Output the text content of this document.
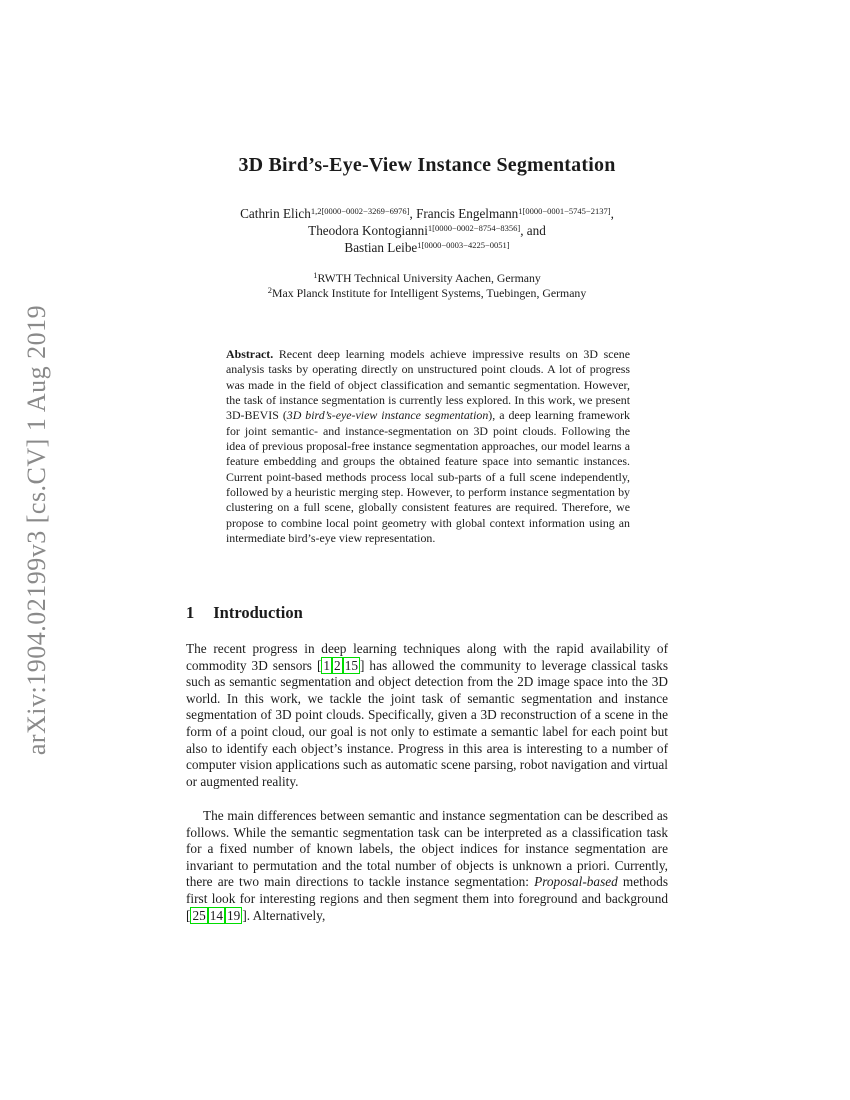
arXiv:1904.02199v3 [cs.CV] 1 Aug 2019
3D Bird’s-Eye-View Instance Segmentation
Cathrin Elich$^{1,2[0000-0002-3269-6976]}$, Francis Engelmann$^{1[0000-0001-5745-2137]}$,
Theodora Kontogianni$^{1[0000-0002-8754-8356]}$, and
Bastian Leibe$^{1[0000-0003-4225-0051]}$
$^1$RWTH Technical University Aachen, Germany
$^2$Max Planck Institute for Intelligent Systems, Tuebingen, Germany
Abstract. Recent deep learning models achieve impressive results on 3D scene analysis tasks by operating directly on unstructured point clouds. A lot of progress was made in the field of object classification and semantic segmentation. However, the task of instance segmentation is currently less explored. In this work, we present 3D-BEVIS (3D bird’s-eye-view instance segmentation), a deep learning framework for joint semantic- and instance-segmentation on 3D point clouds. Following the idea of previous proposal-free instance segmentation approaches, our model learns a feature embedding and groups the obtained feature space into semantic instances. Current point-based methods process local sub-parts of a full scene independently, followed by a heuristic merging step. However, to perform instance segmentation by clustering on a full scene, globally consistent features are required. Therefore, we propose to combine local point geometry with global context information using an intermediate bird’s-eye view representation.
1 Introduction

The recent progress in deep learning techniques along with the rapid availability of commodity 3D sensors [ 1 2 15 ] has allowed the community to leverage classical tasks such as semantic segmentation and object detection from the 2D image space into the 3D world. In this work, we tackle the joint task of semantic segmentation and instance segmentation of 3D point clouds. Specifically, given a 3D reconstruction of a scene in the form of a point cloud, our goal is not only to estimate a semantic label for each point but also to identify each object’s instance. Progress in this area is interesting to a number of computer vision applications such as automatic scene parsing, robot navigation and virtual or augmented reality.

The main differences between semantic and instance segmentation can be described as follows. While the semantic segmentation task can be interpreted as a classification task for a fixed number of known labels, the object indices for instance segmentation are invariant to permutation and the total number of objects is unknown a priori. Currently, there are two main directions to tackle instance segmentation: Proposal-based methods first look for interesting regions and then segment them into foreground and background [ 25 14 19 ]. Alternatively,
